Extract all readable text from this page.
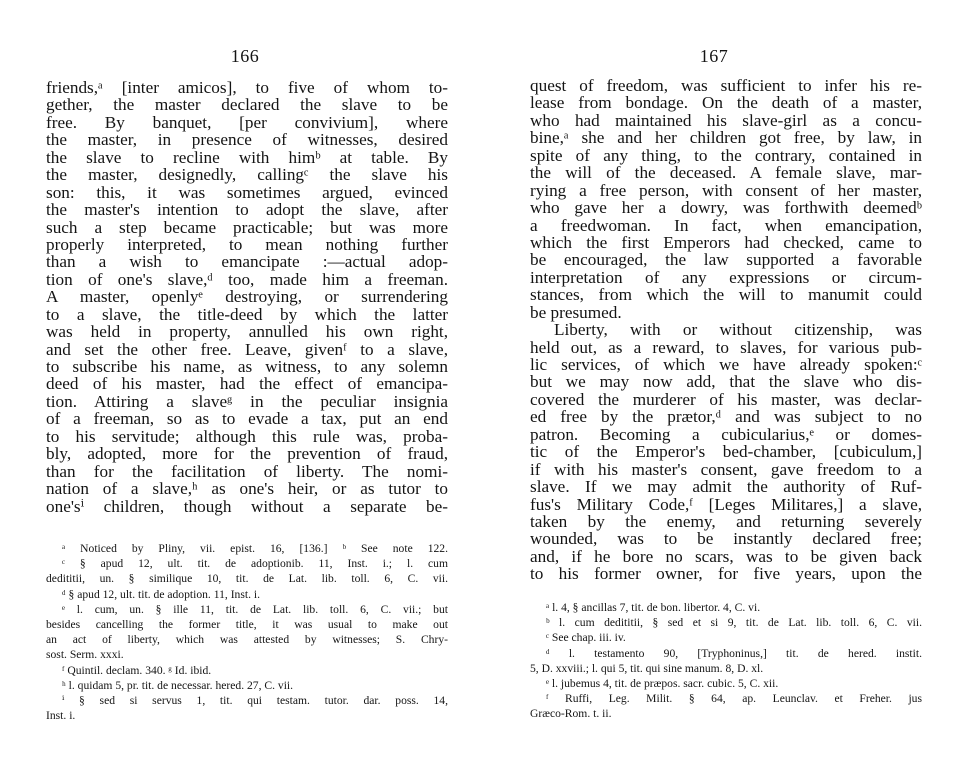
166
friends,ᵃ [inter amicos], to five of whom to-
gether, the master declared the slave to be
free. By banquet, [per convivium], where
the master, in presence of witnesses, desired
the slave to recline with himᵇ at table. By
the master, designedly, callingᶜ the slave his
son: this, it was sometimes argued, evinced
the master's intention to adopt the slave, after
such a step became practicable; but was more
properly interpreted, to mean nothing further
than a wish to emancipate :—actual adop-
tion of one's slave,ᵈ too, made him a freeman.
A master, openlyᵉ destroying, or surrendering
to a slave, the title-deed by which the latter
was held in property, annulled his own right,
and set the other free. Leave, givenᶠ to a slave,
to subscribe his name, as witness, to any solemn
deed of his master, had the effect of emancipa-
tion. Attiring a slaveᵍ in the peculiar insignia
of a freeman, so as to evade a tax, put an end
to his servitude; although this rule was, proba-
bly, adopted, more for the prevention of fraud,
than for the facilitation of liberty. The nomi-
nation of a slave,ʰ as one's heir, or as tutor to
one'sⁱ children, though without a separate be-
ᵃ Noticed by Pliny, vii. epist. 16, [136.] ᵇ See note 122.
ᶜ § apud 12, ult. tit. de adoptionib. 11, Inst. i.; l. cum
dedititii, un. § similique 10, tit. de Lat. lib. toll. 6, C. vii.
ᵈ § apud 12, ult. tit. de adoption. 11, Inst. i.
ᵉ l. cum, un. § ille 11, tit. de Lat. lib. toll. 6, C. vii.; but
besides cancelling the former title, it was usual to make out
an act of liberty, which was attested by witnesses; S. Chry-
sost. Serm. xxxi.
ᶠ Quintil. declam. 340. ᵍ Id. ibid.
ʰ l. quidam 5, pr. tit. de necessar. hered. 27, C. vii.
ⁱ § sed si servus 1, tit. qui testam. tutor. dar. poss. 14,
Inst. i.
167
quest of freedom, was sufficient to infer his re-
lease from bondage. On the death of a master,
who had maintained his slave-girl as a concu-
bine,ᵃ she and her children got free, by law, in
spite of any thing, to the contrary, contained in
the will of the deceased. A female slave, mar-
rying a free person, with consent of her master,
who gave her a dowry, was forthwith deemedᵇ
a freedwoman. In fact, when emancipation,
which the first Emperors had checked, came to
be encouraged, the law supported a favorable
interpretation of any expressions or circum-
stances, from which the will to manumit could
be presumed.
Liberty, with or without citizenship, was
held out, as a reward, to slaves, for various pub-
lic services, of which we have already spoken:ᶜ
but we may now add, that the slave who dis-
covered the murderer of his master, was declar-
ed free by the prætor,ᵈ and was subject to no
patron. Becoming a cubicularius,ᵉ or domes-
tic of the Emperor's bed-chamber, [cubiculum,]
if with his master's consent, gave freedom to a
slave. If we may admit the authority of Ruf-
fus's Military Code,ᶠ [Leges Militares,] a slave,
taken by the enemy, and returning severely
wounded, was to be instantly declared free;
and, if he bore no scars, was to be given back
to his former owner, for five years, upon the
ᵃ l. 4, § ancillas 7, tit. de bon. libertor. 4, C. vi.
ᵇ l. cum dedititii, § sed et si 9, tit. de Lat. lib. toll. 6, C. vii.
ᶜ See chap. iii. iv.
ᵈ l. testamento 90, [Tryphoninus,] tit. de hered. instit.
5, D. xxviii.; l. qui 5, tit. qui sine manum. 8, D. xl.
ᵉ l. jubemus 4, tit. de præpos. sacr. cubic. 5, C. xii.
ᶠ Ruffi, Leg. Milit. § 64, ap. Leunclav. et Freher. jus
Græco-Rom. t. ii.
